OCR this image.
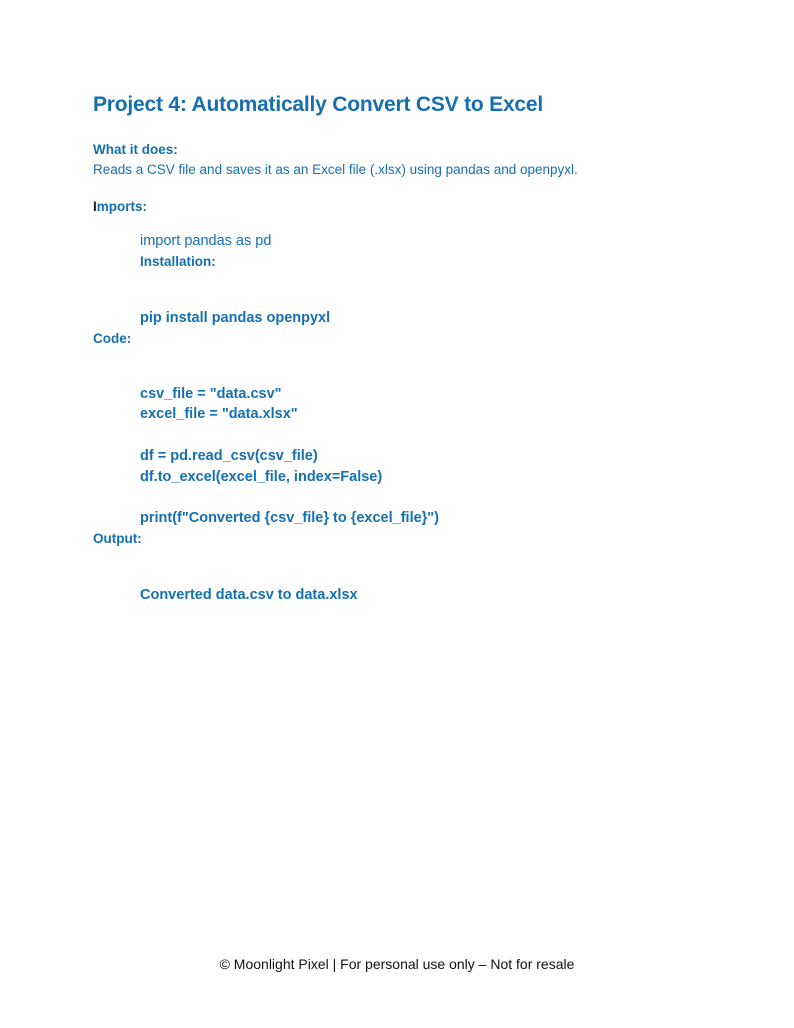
Project 4: Automatically Convert CSV to Excel
What it does:
Reads a CSV file and saves it as an Excel file (.xlsx) using pandas and openpyxl.
Imports:
import pandas as pd
Installation:
pip install pandas openpyxl
Code:
csv_file = "data.csv"
excel_file = "data.xlsx"
df = pd.read_csv(csv_file)
df.to_excel(excel_file, index=False)
print(f"Converted {csv_file} to {excel_file}")
Output:
Converted data.csv to data.xlsx
© Moonlight Pixel | For personal use only – Not for resale
